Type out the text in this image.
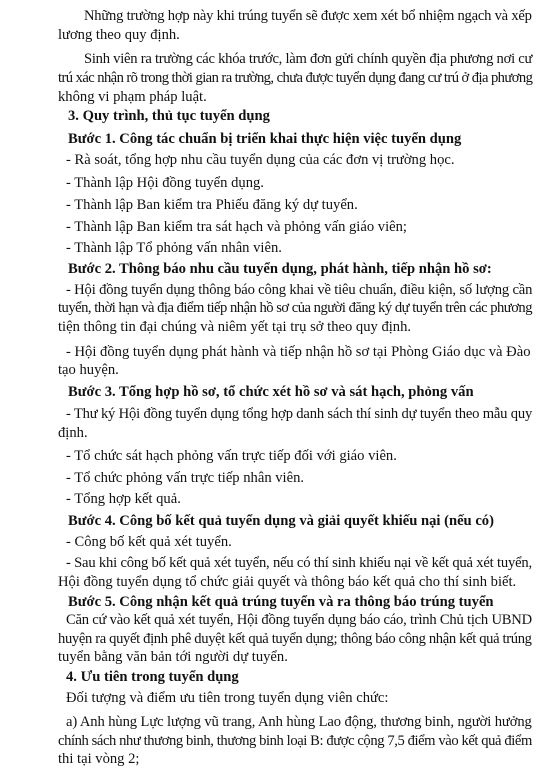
Những trường hợp này khi trúng tuyển sẽ được xem xét bổ nhiệm ngạch và xếp
lương theo quy định.
Sinh viên ra trường các khóa trước, làm đơn gửi chính quyền địa phương nơi cư
trú xác nhận rõ trong thời gian ra trường, chưa được tuyển dụng đang cư trú ở địa phương
không vi phạm pháp luật.
3. Quy trình, thủ tục tuyển dụng
Bước 1. Công tác chuẩn bị triển khai thực hiện việc tuyển dụng
- Rà soát, tổng hợp nhu cầu tuyển dụng của các đơn vị trường học.
- Thành lập Hội đồng tuyển dụng.
- Thành lập Ban kiểm tra Phiếu đăng ký dự tuyển.
- Thành lập Ban kiểm tra sát hạch và phỏng vấn giáo viên;
- Thành lập Tổ phỏng vấn nhân viên.
Bước 2. Thông báo nhu cầu tuyển dụng, phát hành, tiếp nhận hồ sơ:
- Hội đồng tuyển dụng thông báo công khai về tiêu chuẩn, điều kiện, số lượng cần
tuyển, thời hạn và địa điểm tiếp nhận hồ sơ của người đăng ký dự tuyển trên các phương
tiện thông tin đại chúng và niêm yết tại trụ sở theo quy định.
- Hội đồng tuyển dụng phát hành và tiếp nhận hồ sơ tại Phòng Giáo dục và Đào
tạo huyện.
Bước 3. Tổng hợp hồ sơ, tổ chức xét hồ sơ và sát hạch, phỏng vấn
- Thư ký Hội đồng tuyển dụng tổng hợp danh sách thí sinh dự tuyển theo mẫu quy
định.
- Tổ chức sát hạch phỏng vấn trực tiếp đối với giáo viên.
- Tổ chức phỏng vấn trực tiếp nhân viên.
- Tổng hợp kết quả.
Bước 4. Công bố kết quả tuyển dụng và giải quyết khiếu nại (nếu có)
- Công bố kết quả xét tuyển.
- Sau khi công bố kết quả xét tuyển, nếu có thí sinh khiếu nại về kết quả xét tuyển,
Hội đồng tuyển dụng tổ chức giải quyết và thông báo kết quả cho thí sinh biết.
Bước 5. Công nhận kết quả trúng tuyển và ra thông báo trúng tuyển
Căn cứ vào kết quả xét tuyển, Hội đồng tuyển dụng báo cáo, trình Chủ tịch UBND
huyện ra quyết định phê duyệt kết quả tuyển dụng; thông báo công nhận kết quả trúng
tuyển bằng văn bản tới người dự tuyển.
4. Ưu tiên trong tuyển dụng
Đối tượng và điểm ưu tiên trong tuyển dụng viên chức:
a) Anh hùng Lực lượng vũ trang, Anh hùng Lao động, thương binh, người hưởng
chính sách như thương binh, thương binh loại B: được cộng 7,5 điểm vào kết quả điểm
thi tại vòng 2;
